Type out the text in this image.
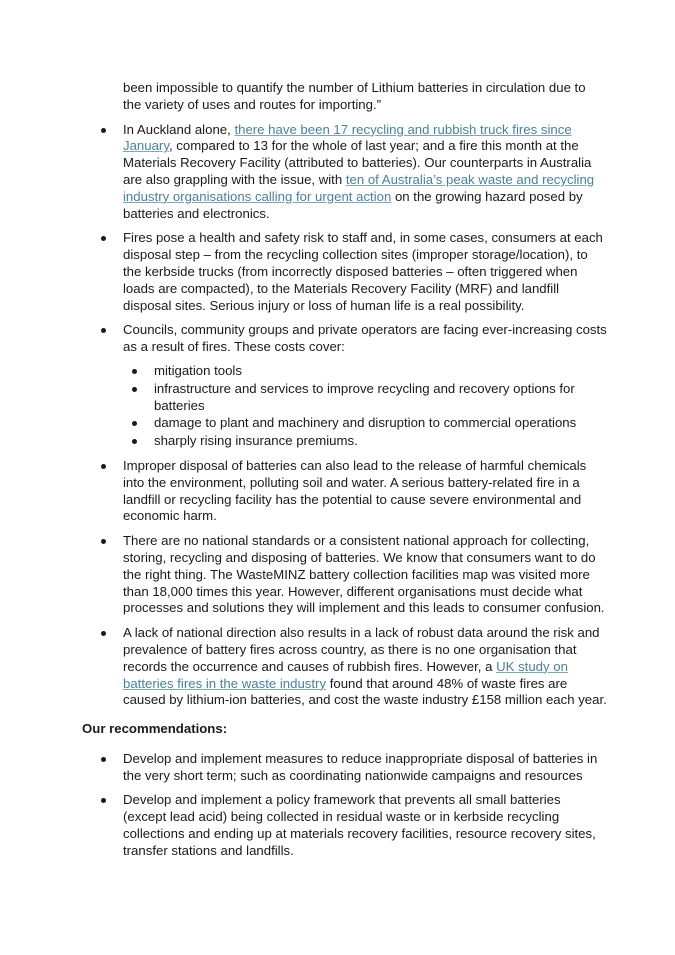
been impossible to quantify the number of Lithium batteries in circulation due to the variety of uses and routes for importing.”

In Auckland alone, there have been 17 recycling and rubbish truck fires since January, compared to 13 for the whole of last year; and a fire this month at the Materials Recovery Facility (attributed to batteries). Our counterparts in Australia are also grappling with the issue, with ten of Australia’s peak waste and recycling industry organisations calling for urgent action on the growing hazard posed by batteries and electronics.
Fires pose a health and safety risk to staff and, in some cases, consumers at each disposal step – from the recycling collection sites (improper storage/location), to the kerbside trucks (from incorrectly disposed batteries – often triggered when loads are compacted), to the Materials Recovery Facility (MRF) and landfill disposal sites. Serious injury or loss of human life is a real possibility.
Councils, community groups and private operators are facing ever-increasing costs as a result of fires. These costs cover:
mitigation tools
infrastructure and services to improve recycling and recovery options for batteries
damage to plant and machinery and disruption to commercial operations
sharply rising insurance premiums.
Improper disposal of batteries can also lead to the release of harmful chemicals into the environment, polluting soil and water. A serious battery-related fire in a landfill or recycling facility has the potential to cause severe environmental and economic harm.
There are no national standards or a consistent national approach for collecting, storing, recycling and disposing of batteries. We know that consumers want to do the right thing. The WasteMINZ battery collection facilities map was visited more than 18,000 times this year. However, different organisations must decide what processes and solutions they will implement and this leads to consumer confusion.
A lack of national direction also results in a lack of robust data around the risk and prevalence of battery fires across country, as there is no one organisation that records the occurrence and causes of rubbish fires. However, a UK study on batteries fires in the waste industry found that around 48% of waste fires are caused by lithium-ion batteries, and cost the waste industry £158 million each year.

Our recommendations:

Develop and implement measures to reduce inappropriate disposal of batteries in the very short term; such as coordinating nationwide campaigns and resources
Develop and implement a policy framework that prevents all small batteries (except lead acid) being collected in residual waste or in kerbside recycling collections and ending up at materials recovery facilities, resource recovery sites, transfer stations and landfills.
